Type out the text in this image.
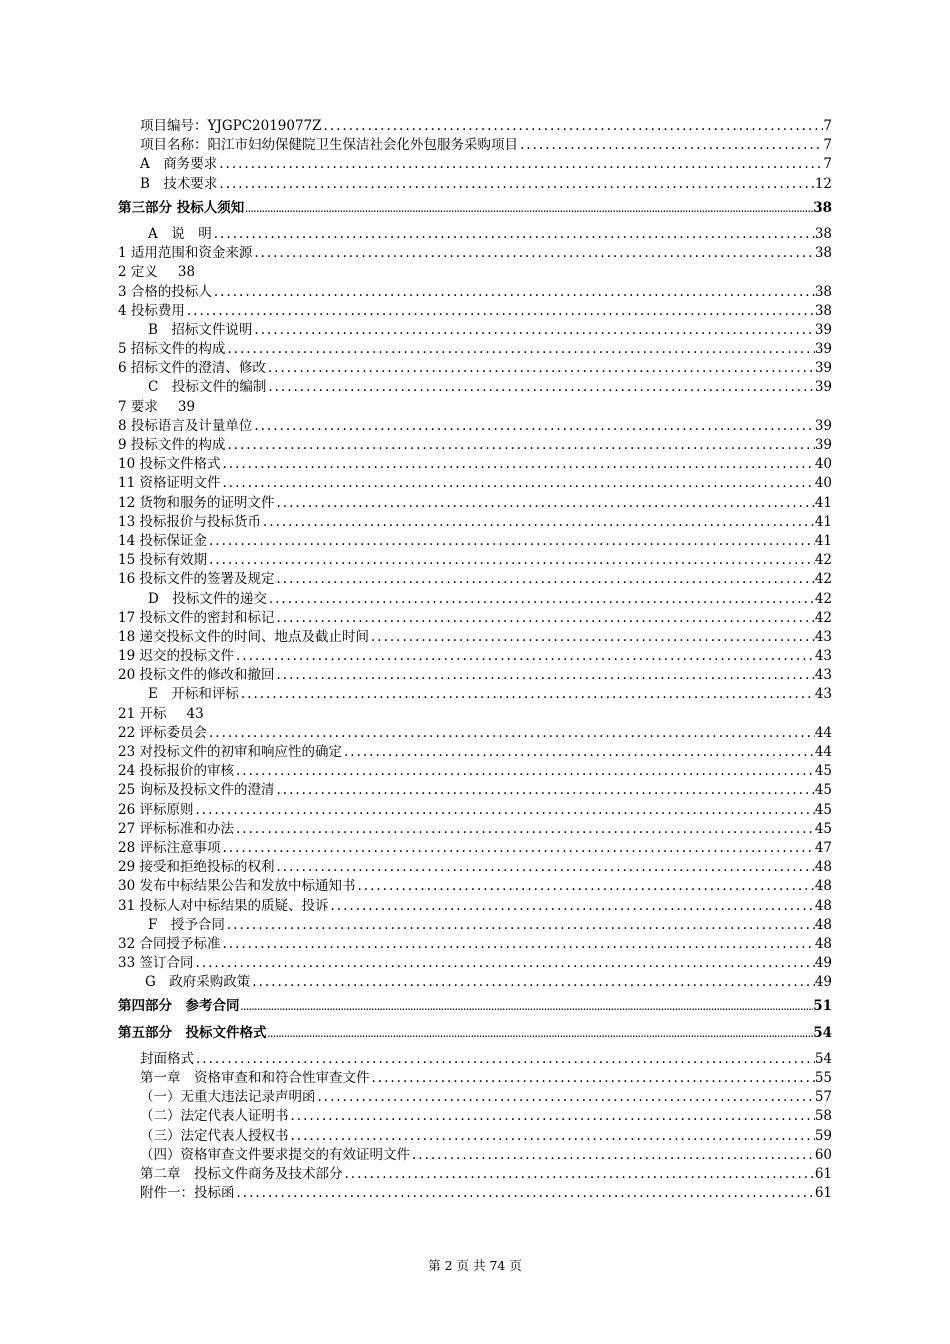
项目编号：YJGPC2019077Z .....	7
项目名称：阳江市妇幼保健院卫生保洁社会化外包服务采购项目 .....	7
A　商务要求 .....	7
B　技术要求 .....	12
第三部分 投标人须知 .....	38
A　说　明 .....	38
1 适用范围和资金来源 .....	38
2 定义 38
3 合格的投标人 .....	38
4 投标费用 .....	38
B　招标文件说明 .....	39
5 招标文件的构成 .....	39
6 招标文件的澄清、修改 .....	39
C　投标文件的编制 .....	39
7 要求 39
8 投标语言及计量单位 .....	39
9 投标文件的构成 .....	39
10 投标文件格式 .....	40
11 资格证明文件 .....	40
12 货物和服务的证明文件 .....	41
13 投标报价与投标货币 .....	41
14 投标保证金 .....	41
15 投标有效期 .....	42
16 投标文件的签署及规定 .....	42
D　投标文件的递交 .....	42
17 投标文件的密封和标记 .....	42
18 递交投标文件的时间、地点及截止时间 .....	43
19 迟交的投标文件 .....	43
20 投标文件的修改和撤回 .....	43
E　开标和评标 .....	43
21 开标 43
22 评标委员会 .....	44
23 对投标文件的初审和响应性的确定 .....	44
24 投标报价的审核 .....	45
25 询标及投标文件的澄清 .....	45
26 评标原则 .....	45
27 评标标准和办法 .....	45
28 评标注意事项 .....	47
29 接受和拒绝投标的权利 .....	48
30 发布中标结果公告和发放中标通知书 .....	48
31 投标人对中标结果的质疑、投诉 .....	48
F　授予合同 .....	48
32 合同授予标准 .....	48
33 签订合同 .....	49
G　政府采购政策 .....	49
第四部分　参考合同 .....	51
第五部分　投标文件格式 .....	54
封面格式 .....	54
第一章　资格审查和和符合性审查文件 .....	55
（一）无重大违法记录声明函 .....	57
（二）法定代表人证明书 .....	58
（三）法定代表人授权书 .....	59
（四）资格审查文件要求提交的有效证明文件 .....	60
第二章　投标文件商务及技术部分 .....	61
附件一：投标函 .....	61
第 2 页 共 74 页
